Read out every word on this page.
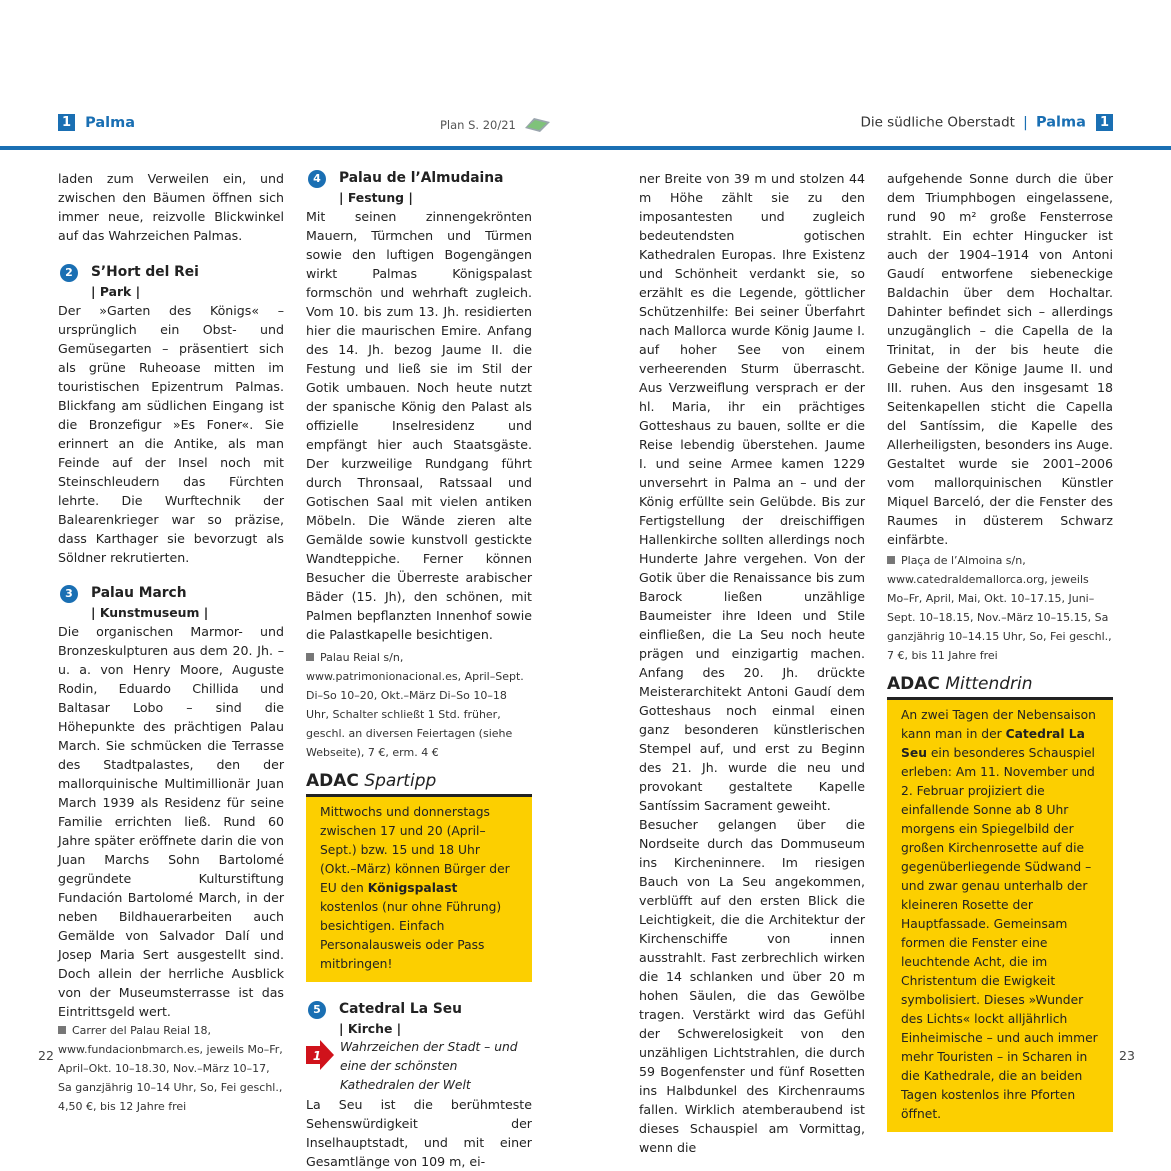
1 Palma	Plan S. 20/21	Die südliche Oberstadt | Palma 1

laden zum Verweilen ein, und zwischen den Bäumen öffnen sich immer neue, reizvolle Blickwinkel auf das Wahrzeichen Palmas.

2	S’Hort del Rei
| Park |

Der »Garten des Königs« – ursprünglich ein Obst- und Gemüsegarten – präsentiert sich als grüne Ruheoase mitten im touristischen Epizentrum Palmas. Blickfang am südlichen Eingang ist die Bronzefigur »Es Foner«. Sie erinnert an die Antike, als man Feinde auf der Insel noch mit Steinschleudern das Fürchten lehrte. Die Wurftechnik der Balearenkrieger war so präzise, dass Karthager sie bevorzugt als Söldner rekrutierten.

3	Palau March
| Kunstmuseum |

Die organischen Marmor- und Bronzeskulpturen aus dem 20. Jh. – u. a. von Henry Moore, Auguste Rodin, Eduardo Chillida und Baltasar Lobo – sind die Höhepunkte des prächtigen Palau March. Sie schmücken die Terrasse des Stadtpalastes, den der mallorquinische Multimillionär Juan March 1939 als Residenz für seine Familie errichten ließ. Rund 60 Jahre später eröffnete darin die von Juan Marchs Sohn Bartolomé gegründete Kulturstiftung Fundación Bartolomé March, in der neben Bildhauerarbeiten auch Gemälde von Salvador Dalí und Josep Maria Sert ausgestellt sind. Doch allein der herrliche Ausblick von der Museumsterrasse ist das Eintrittsgeld wert.

Carrer del Palau Reial 18, www.fundacionbmarch.es, jeweils Mo–Fr, April–Okt. 10–18.30, Nov.–März 10–17, Sa ganzjährig 10–14 Uhr, So, Fei geschl., 4,50 €, bis 12 Jahre frei
4	Palau de l’Almudaina
| Festung |

Mit seinen zinnengekrönten Mauern, Türmchen und Türmen sowie den luftigen Bogengängen wirkt Palmas Königspalast formschön und wehrhaft zugleich. Vom 10. bis zum 13. Jh. residierten hier die maurischen Emire. Anfang des 14. Jh. bezog Jaume II. die Festung und ließ sie im Stil der Gotik umbauen. Noch heute nutzt der spanische König den Palast als offizielle Inselresidenz und empfängt hier auch Staatsgäste. Der kurzweilige Rundgang führt durch Thronsaal, Ratssaal und Gotischen Saal mit vielen antiken Möbeln. Die Wände zieren alte Gemälde sowie kunstvoll gestickte Wandteppiche. Ferner können Besucher die Überreste arabischer Bäder (15. Jh), den schönen, mit Palmen bepflanzten Innenhof sowie die Palastkapelle besichtigen.

Palau Reial s/n, www.patrimonionacional.es, April–Sept. Di–So 10–20, Okt.–März Di–So 10–18 Uhr, Schalter schließt 1 Std. früher, geschl. an diversen Feiertagen (siehe Webseite), 7 €, erm. 4 €
ADAC Spartipp
Mittwochs und donnerstags zwischen 17 und 20 (April–Sept.) bzw. 15 und 18 Uhr (Okt.–März) können Bürger der EU den Königspalast kostenlos (nur ohne Führung) besichtigen. Einfach Personalausweis oder Pass mitbringen!
5	Catedral La Seu
| Kirche |
1
Wahrzeichen der Stadt – und eine der schönsten Kathedralen der Welt

La Seu ist die berühmteste Sehenswürdigkeit der Inselhauptstadt, und mit einer Gesamtlänge von 109 m, ei-

ner Breite von 39 m und stolzen 44 m Höhe zählt sie zu den imposantesten und zugleich bedeutendsten gotischen Kathedralen Europas. Ihre Existenz und Schönheit verdankt sie, so erzählt es die Legende, göttlicher Schützenhilfe: Bei seiner Überfahrt nach Mallorca wurde König Jaume I. auf hoher See von einem verheerenden Sturm überrascht. Aus Verzweiflung versprach er der hl. Maria, ihr ein prächtiges Gotteshaus zu bauen, sollte er die Reise lebendig überstehen. Jaume I. und seine Armee kamen 1229 unversehrt in Palma an – und der König erfüllte sein Gelübde. Bis zur Fertigstellung der dreischiffigen Hallenkirche sollten allerdings noch Hunderte Jahre vergehen. Von der Gotik über die Renaissance bis zum Barock ließen unzählige Baumeister ihre Ideen und Stile einfließen, die La Seu noch heute prägen und einzigartig machen. Anfang des 20. Jh. drückte Meisterarchitekt Antoni Gaudí dem Gotteshaus noch einmal einen ganz besonderen künstlerischen Stempel auf, und erst zu Beginn des 21. Jh. wurde die neu und provokant gestaltete Kapelle Santíssim Sacrament geweiht.

Besucher gelangen über die Nordseite durch das Dommuseum ins Kircheninnere. Im riesigen Bauch von La Seu angekommen, verblüfft auf den ersten Blick die Leichtigkeit, die die Architektur der Kirchenschiffe von innen ausstrahlt. Fast zerbrechlich wirken die 14 schlanken und über 20 m hohen Säulen, die das Gewölbe tragen. Verstärkt wird das Gefühl der Schwerelosigkeit von den unzähligen Lichtstrahlen, die durch 59 Bogenfenster und fünf Rosetten ins Halbdunkel des Kirchenraums fallen. Wirklich atemberaubend ist dieses Schauspiel am Vormittag, wenn die

aufgehende Sonne durch die über dem Triumphbogen eingelassene, rund 90 m² große Fensterrose strahlt. Ein echter Hingucker ist auch der 1904–1914 von Antoni Gaudí entworfene siebeneckige Baldachin über dem Hochaltar. Dahinter befindet sich – allerdings unzugänglich – die Capella de la Trinitat, in der bis heute die Gebeine der Könige Jaume II. und III. ruhen. Aus den insgesamt 18 Seitenkapellen sticht die Capella del Santíssim, die Kapelle des Allerheiligsten, besonders ins Auge. Gestaltet wurde sie 2001–2006 vom mallorquinischen Künstler Miquel Barceló, der die Fenster des Raumes in düsterem Schwarz einfärbte.

Plaça de l’Almoina s/n, www.catedraldemallorca.org, jeweils Mo–Fr, April, Mai, Okt. 10–17.15, Juni–Sept. 10–18.15, Nov.–März 10–15.15, Sa ganzjährig 10–14.15 Uhr, So, Fei geschl., 7 €, bis 11 Jahre frei
ADAC Mittendrin
An zwei Tagen der Nebensaison kann man in der Catedral La Seu ein besonderes Schauspiel erleben: Am 11. November und 2. Februar projiziert die einfallende Sonne ab 8 Uhr morgens ein Spiegelbild der großen Kirchenrosette auf die gegenüberliegende Südwand – und zwar genau unterhalb der kleineren Rosette der Hauptfassade. Gemeinsam formen die Fenster eine leuchtende Acht, die im Christentum die Ewigkeit symbolisiert. Dieses »Wunder des Lichts« lockt alljährlich Einheimische – und auch immer mehr Touristen – in Scharen in die Kathedrale, die an beiden Tagen kostenlos ihre Pforten öffnet.
22	23
